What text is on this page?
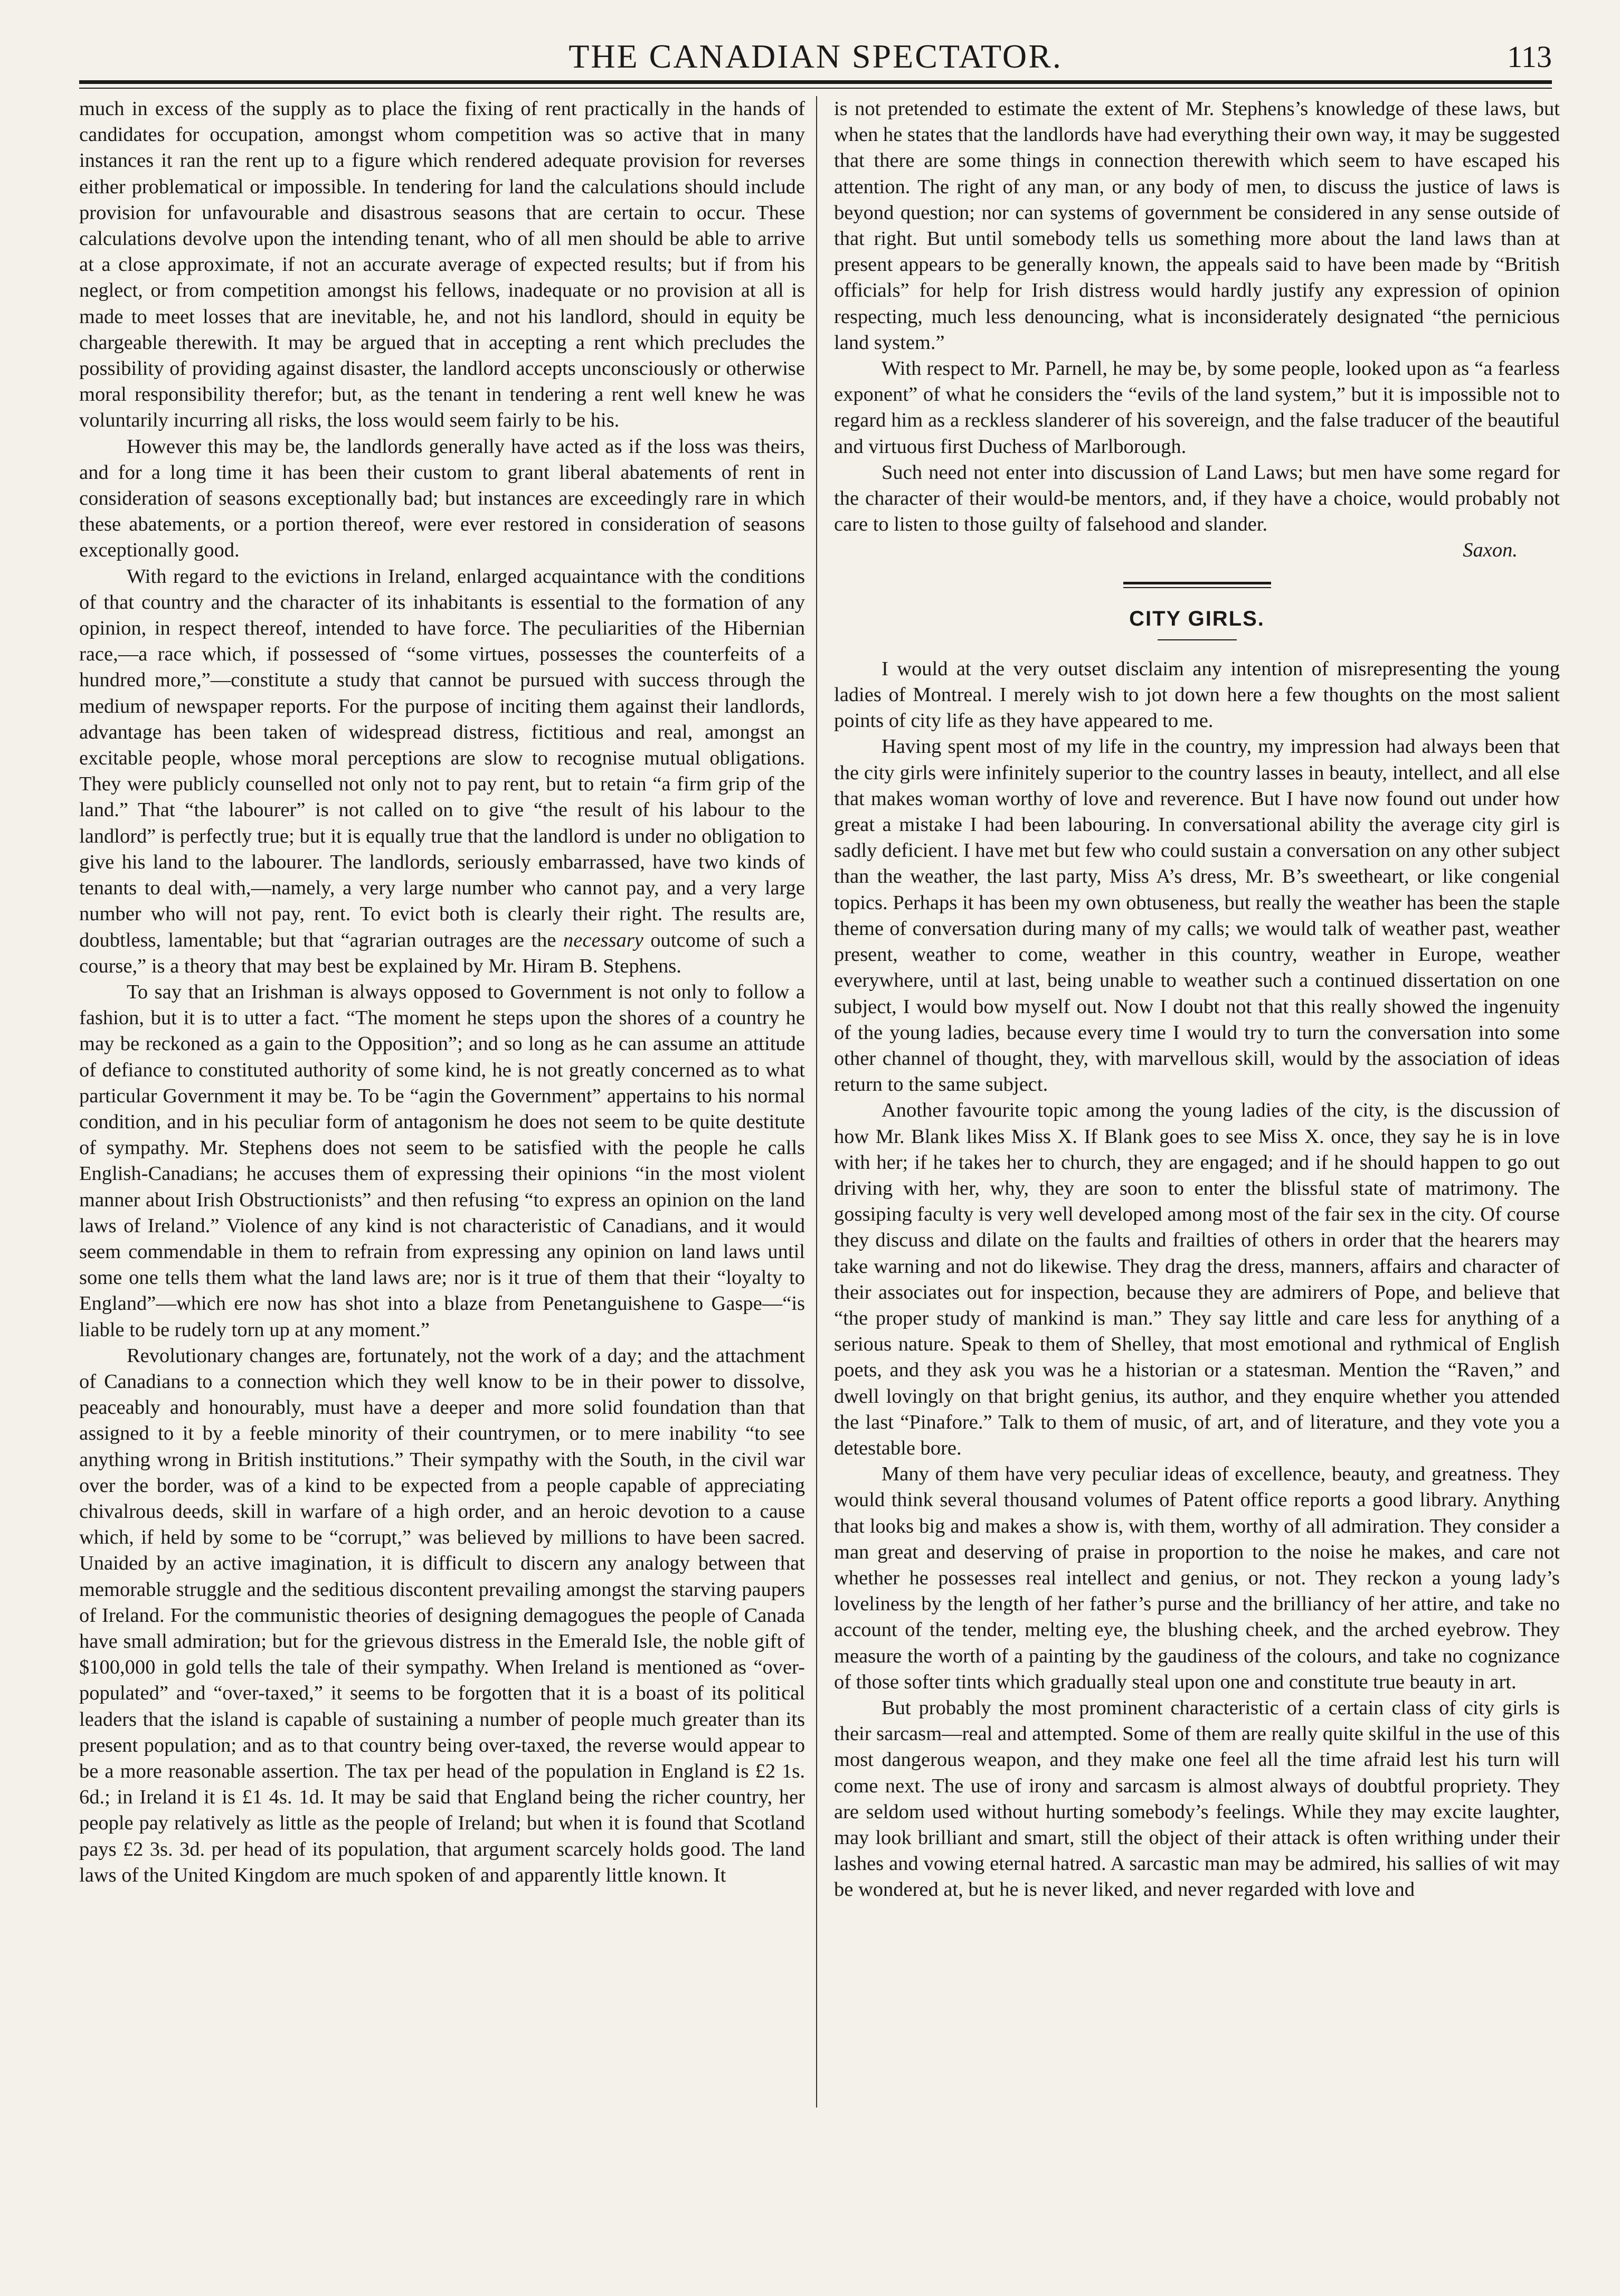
THE CANADIAN SPECTATOR.	113

much in excess of the supply as to place the fixing of rent practically in the hands of candidates for occupation, amongst whom competition was so active that in many instances it ran the rent up to a figure which rendered adequate provision for reverses either problematical or impossible. In tendering for land the calculations should include provision for unfavourable and disastrous seasons that are certain to occur. These calculations devolve upon the intending tenant, who of all men should be able to arrive at a close approximate, if not an accurate average of expected results; but if from his neglect, or from competition amongst his fellows, inadequate or no provision at all is made to meet losses that are inevitable, he, and not his landlord, should in equity be chargeable therewith. It may be argued that in accepting a rent which precludes the possibility of providing against disaster, the landlord accepts unconsciously or otherwise moral responsibility therefor; but, as the tenant in tendering a rent well knew he was voluntarily incurring all risks, the loss would seem fairly to be his.

However this may be, the landlords generally have acted as if the loss was theirs, and for a long time it has been their custom to grant liberal abatements of rent in consideration of seasons exceptionally bad; but instances are exceedingly rare in which these abatements, or a portion thereof, were ever restored in consideration of seasons exceptionally good.

With regard to the evictions in Ireland, enlarged acquaintance with the conditions of that country and the character of its inhabitants is essential to the formation of any opinion, in respect thereof, intended to have force. The peculiarities of the Hibernian race,—a race which, if possessed of “some virtues, possesses the counterfeits of a hundred more,”—constitute a study that cannot be pursued with success through the medium of newspaper reports. For the purpose of inciting them against their landlords, advantage has been taken of widespread distress, fictitious and real, amongst an excitable people, whose moral perceptions are slow to recognise mutual obligations. They were publicly counselled not only not to pay rent, but to retain “a firm grip of the land.” That “the labourer” is not called on to give “the result of his labour to the landlord” is perfectly true; but it is equally true that the landlord is under no obligation to give his land to the labourer. The landlords, seriously embarrassed, have two kinds of tenants to deal with,—namely, a very large number who cannot pay, and a very large number who will not pay, rent. To evict both is clearly their right. The results are, doubtless, lamentable; but that “agrarian outrages are the necessary outcome of such a course,” is a theory that may best be explained by Mr. Hiram B. Stephens.

To say that an Irishman is always opposed to Government is not only to follow a fashion, but it is to utter a fact. “The moment he steps upon the shores of a country he may be reckoned as a gain to the Opposition”; and so long as he can assume an attitude of defiance to constituted authority of some kind, he is not greatly concerned as to what particular Government it may be. To be “agin the Government” appertains to his normal condition, and in his peculiar form of antagonism he does not seem to be quite destitute of sympathy. Mr. Stephens does not seem to be satisfied with the people he calls English-Canadians; he accuses them of expressing their opinions “in the most violent manner about Irish Obstructionists” and then refusing “to express an opinion on the land laws of Ireland.” Violence of any kind is not characteristic of Canadians, and it would seem commendable in them to refrain from expressing any opinion on land laws until some one tells them what the land laws are; nor is it true of them that their “loyalty to England”—which ere now has shot into a blaze from Penetanguishene to Gaspe—“is liable to be rudely torn up at any moment.”

Revolutionary changes are, fortunately, not the work of a day; and the attachment of Canadians to a connection which they well know to be in their power to dissolve, peaceably and honourably, must have a deeper and more solid foundation than that assigned to it by a feeble minority of their countrymen, or to mere inability “to see anything wrong in British institutions.” Their sympathy with the South, in the civil war over the border, was of a kind to be expected from a people capable of appreciating chivalrous deeds, skill in warfare of a high order, and an heroic devotion to a cause which, if held by some to be “corrupt,” was believed by millions to have been sacred. Unaided by an active imagination, it is difficult to discern any analogy between that memorable struggle and the seditious discontent prevailing amongst the starving paupers of Ireland. For the communistic theories of designing demagogues the people of Canada have small admiration; but for the grievous distress in the Emerald Isle, the noble gift of $100,000 in gold tells the tale of their sympathy. When Ireland is mentioned as “over-populated” and “over-taxed,” it seems to be forgotten that it is a boast of its political leaders that the island is capable of sustaining a number of people much greater than its present population; and as to that country being over-taxed, the reverse would appear to be a more reasonable assertion. The tax per head of the population in England is £2 1s. 6d.; in Ireland it is £1 4s. 1d. It may be said that England being the richer country, her people pay relatively as little as the people of Ireland; but when it is found that Scotland pays £2 3s. 3d. per head of its population, that argument scarcely holds good. The land laws of the United Kingdom are much spoken of and apparently little known. It

is not pretended to estimate the extent of Mr. Stephens’s knowledge of these laws, but when he states that the landlords have had everything their own way, it may be suggested that there are some things in connection therewith which seem to have escaped his attention. The right of any man, or any body of men, to discuss the justice of laws is beyond question; nor can systems of government be considered in any sense outside of that right. But until somebody tells us something more about the land laws than at present appears to be generally known, the appeals said to have been made by “British officials” for help for Irish distress would hardly justify any expression of opinion respecting, much less denouncing, what is inconsiderately designated “the pernicious land system.”

With respect to Mr. Parnell, he may be, by some people, looked upon as “a fearless exponent” of what he considers the “evils of the land system,” but it is impossible not to regard him as a reckless slanderer of his sovereign, and the false traducer of the beautiful and virtuous first Duchess of Marlborough.

Such need not enter into discussion of Land Laws; but men have some regard for the character of their would-be mentors, and, if they have a choice, would probably not care to listen to those guilty of falsehood and slander.

Saxon.
CITY GIRLS.

I would at the very outset disclaim any intention of misrepresenting the young ladies of Montreal. I merely wish to jot down here a few thoughts on the most salient points of city life as they have appeared to me.

Having spent most of my life in the country, my impression had always been that the city girls were infinitely superior to the country lasses in beauty, intellect, and all else that makes woman worthy of love and reverence. But I have now found out under how great a mistake I had been labouring. In conversational ability the average city girl is sadly deficient. I have met but few who could sustain a conversation on any other subject than the weather, the last party, Miss A’s dress, Mr. B’s sweetheart, or like congenial topics. Perhaps it has been my own obtuseness, but really the weather has been the staple theme of conversation during many of my calls; we would talk of weather past, weather present, weather to come, weather in this country, weather in Europe, weather everywhere, until at last, being unable to weather such a continued dissertation on one subject, I would bow myself out. Now I doubt not that this really showed the ingenuity of the young ladies, because every time I would try to turn the conversation into some other channel of thought, they, with marvellous skill, would by the association of ideas return to the same subject.

Another favourite topic among the young ladies of the city, is the discussion of how Mr. Blank likes Miss X. If Blank goes to see Miss X. once, they say he is in love with her; if he takes her to church, they are engaged; and if he should happen to go out driving with her, why, they are soon to enter the blissful state of matrimony. The gossiping faculty is very well developed among most of the fair sex in the city. Of course they discuss and dilate on the faults and frailties of others in order that the hearers may take warning and not do likewise. They drag the dress, manners, affairs and character of their associates out for inspection, because they are admirers of Pope, and believe that “the proper study of mankind is man.” They say little and care less for anything of a serious nature. Speak to them of Shelley, that most emotional and rythmical of English poets, and they ask you was he a historian or a statesman. Mention the “Raven,” and dwell lovingly on that bright genius, its author, and they enquire whether you attended the last “Pinafore.” Talk to them of music, of art, and of literature, and they vote you a detestable bore.

Many of them have very peculiar ideas of excellence, beauty, and greatness. They would think several thousand volumes of Patent office reports a good library. Anything that looks big and makes a show is, with them, worthy of all admiration. They consider a man great and deserving of praise in proportion to the noise he makes, and care not whether he possesses real intellect and genius, or not. They reckon a young lady’s loveliness by the length of her father’s purse and the brilliancy of her attire, and take no account of the tender, melting eye, the blushing cheek, and the arched eyebrow. They measure the worth of a painting by the gaudiness of the colours, and take no cognizance of those softer tints which gradually steal upon one and constitute true beauty in art.

But probably the most prominent characteristic of a certain class of city girls is their sarcasm—real and attempted. Some of them are really quite skilful in the use of this most dangerous weapon, and they make one feel all the time afraid lest his turn will come next. The use of irony and sarcasm is almost always of doubtful propriety. They are seldom used without hurting somebody’s feelings. While they may excite laughter, may look brilliant and smart, still the object of their attack is often writhing under their lashes and vowing eternal hatred. A sarcastic man may be admired, his sallies of wit may be wondered at, but he is never liked, and never regarded with love and
